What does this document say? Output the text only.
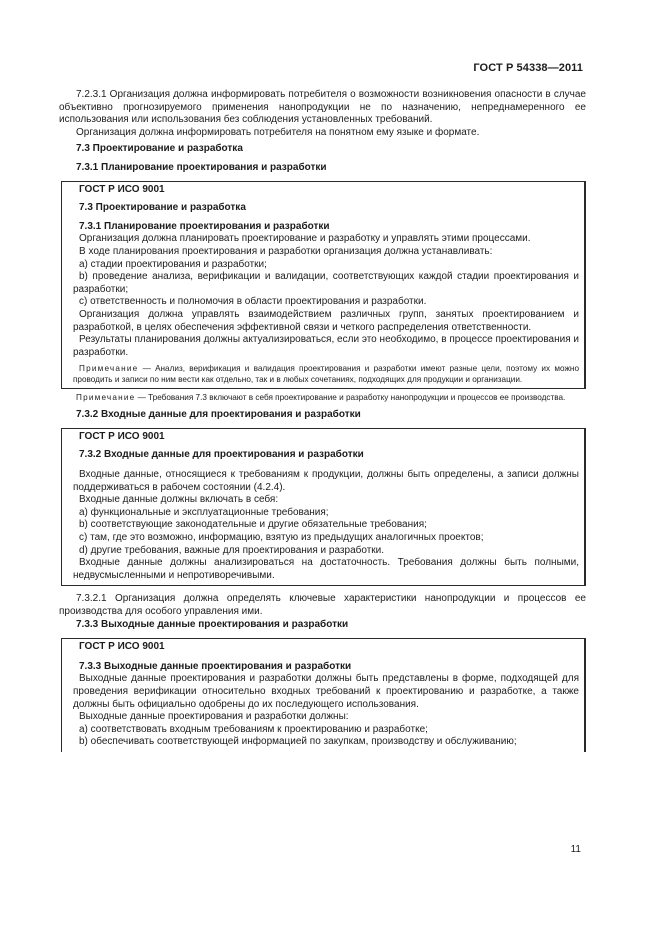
ГОСТ Р 54338—2011

7.2.3.1 Организация должна информировать потребителя о возможности возникновения опасности в случае объективно прогнозируемого применения нанопродукции не по назначению, непреднамеренного ее использования или использования без соблюдения установленных требований.

Организация должна информировать потребителя на понятном ему языке и формате.

7.3 Проектирование и разработка

7.3.1 Планирование проектирования и разработки

ГОСТ Р ИСО 9001

7.3 Проектирование и разработка

7.3.1 Планирование проектирования и разработки

Организация должна планировать проектирование и разработку и управлять этими процессами.

В ходе планирования проектирования и разработки организация должна устанавливать:

a) стадии проектирования и разработки;

b) проведение анализа, верификации и валидации, соответствующих каждой стадии проектирования и разработки;

c) ответственность и полномочия в области проектирования и разработки.

Организация должна управлять взаимодействием различных групп, занятых проектированием и разработкой, в целях обеспечения эффективной связи и четкого распределения ответственности.

Результаты планирования должны актуализироваться, если это необходимо, в процессе проектирования и разработки.

Примечание — Анализ, верификация и валидация проектирования и разработки имеют разные цели, поэтому их можно проводить и записи по ним вести как отдельно, так и в любых сочетаниях, подходящих для продукции и организации.

Примечание — Требования 7.3 включают в себя проектирование и разработку нанопродукции и процессов ее производства.

7.3.2 Входные данные для проектирования и разработки

ГОСТ Р ИСО 9001

7.3.2 Входные данные для проектирования и разработки

Входные данные, относящиеся к требованиям к продукции, должны быть определены, а записи должны поддерживаться в рабочем состоянии (4.2.4).

Входные данные должны включать в себя:

a) функциональные и эксплуатационные требования;

b) соответствующие законодательные и другие обязательные требования;

c) там, где это возможно, информацию, взятую из предыдущих аналогичных проектов;

d) другие требования, важные для проектирования и разработки.

Входные данные должны анализироваться на достаточность. Требования должны быть полными, недвусмысленными и непротиворечивыми.

7.3.2.1 Организация должна определять ключевые характеристики нанопродукции и процессов ее производства для особого управления ими.

7.3.3 Выходные данные проектирования и разработки

ГОСТ Р ИСО 9001

7.3.3 Выходные данные проектирования и разработки

Выходные данные проектирования и разработки должны быть представлены в форме, подходящей для проведения верификации относительно входных требований к проектированию и разработке, а также должны быть официально одобрены до их последующего использования.

Выходные данные проектирования и разработки должны:

a) соответствовать входным требованиям к проектированию и разработке;

b) обеспечивать соответствующей информацией по закупкам, производству и обслуживанию;

11
